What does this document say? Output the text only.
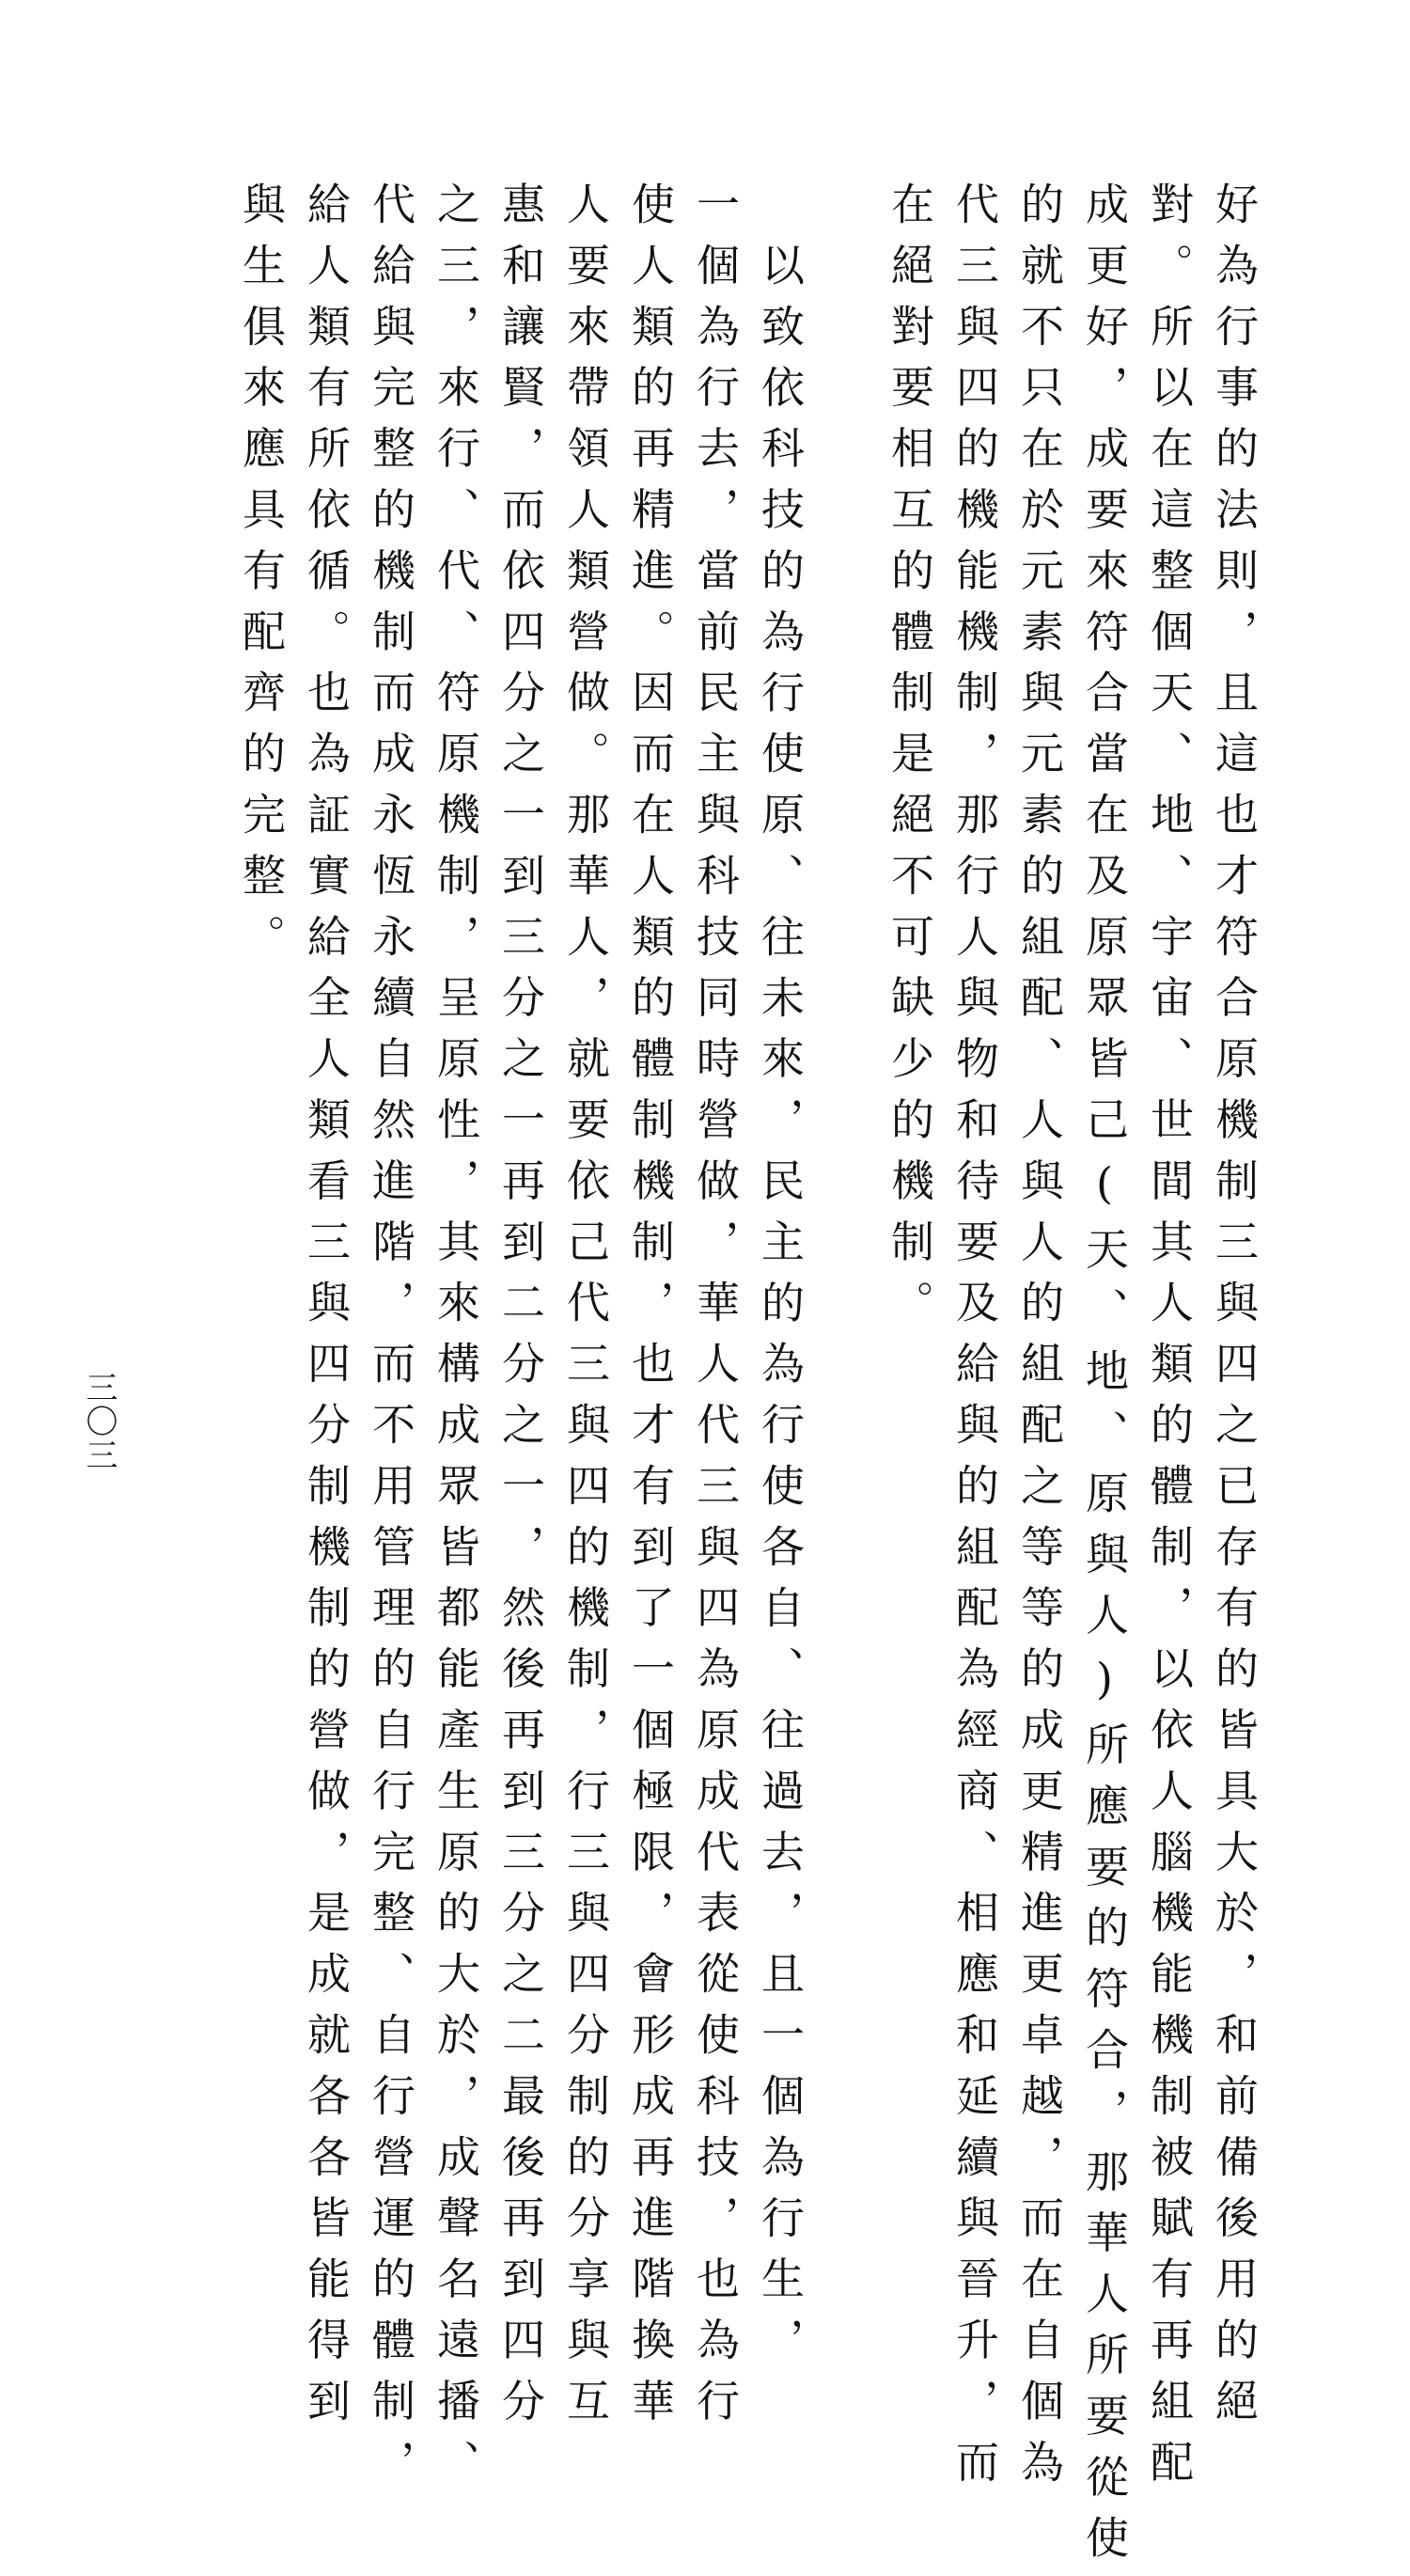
好為行事的法則，且這也才符合原機制三與四之已存有的皆具大於，和前備後用的絕
對。所以在這整個天、地、宇宙、世間其人類的體制，以依人腦機能機制被賦有再組配
成更好，成要來符合當在及原眾皆己(天、地、原與人)所應要的符合，那華人所要從使
的就不只在於元素與元素的組配、人與人的組配之等等的成更精進更卓越，而在自個為
代三與四的機能機制，那行人與物和待要及給與的組配為經商、相應和延續與晉升，而
在絕對要相互的體制是絕不可缺少的機制。
以致依科技的為行使原、往未來，民主的為行使各自、往過去，且一個為行生，
一個為行去，當前民主與科技同時營做，華人代三與四為原成代表從使科技，也為行
使人類的再精進。因而在人類的體制機制，也才有到了一個極限，會形成再進階換華
人要來帶領人類營做。那華人，就要依己代三與四的機制，行三與四分制的分享與互
惠和讓賢，而依四分之一到三分之一再到二分之一，然後再到三分之二最後再到四分
之三，來行、代、符原機制，呈原性，其來構成眾皆都能產生原的大於，成聲名遠播、
代給與完整的機制而成永恆永續自然進階，而不用管理的自行完整、自行營運的體制，
給人類有所依循。也為証實給全人類看三與四分制機制的營做，是成就各各皆能得到
與生俱來應具有配齊的完整。
三〇三
